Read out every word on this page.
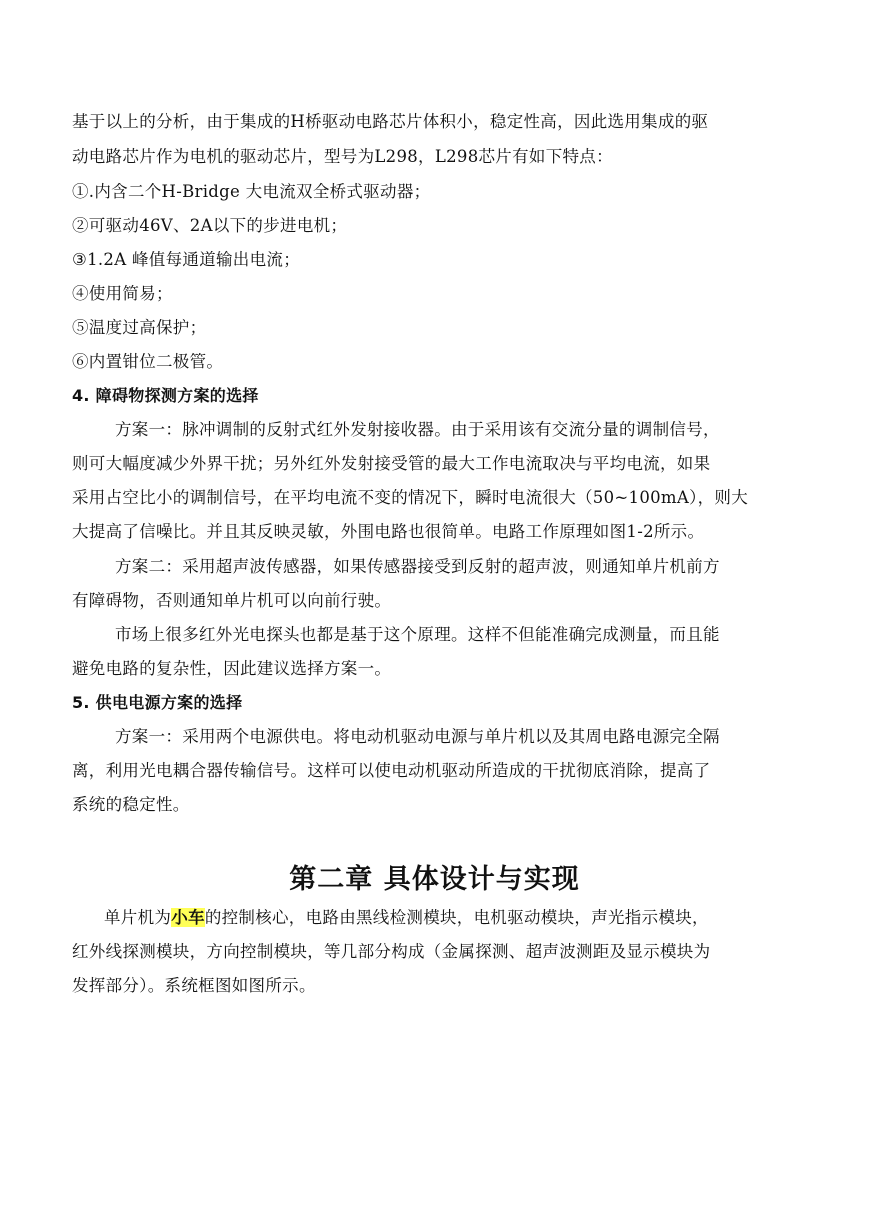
基于以上的分析，由于集成的H桥驱动电路芯片体积小，稳定性高，因此选用集成的驱
动电路芯片作为电机的驱动芯片，型号为L298，L298芯片有如下特点：
①.内含二个H-Bridge 大电流双全桥式驱动器；
②可驱动46V、2A以下的步进电机；
③1.2A 峰值每通道输出电流；
④使用简易；
⑤温度过高保护；
⑥内置钳位二极管。
4. 障碍物探测方案的选择
方案一：脉冲调制的反射式红外发射接收器。由于采用该有交流分量的调制信号，
则可大幅度减少外界干扰；另外红外发射接受管的最大工作电流取决与平均电流，如果
采用占空比小的调制信号，在平均电流不变的情况下，瞬时电流很大（50~100mA），则大
大提高了信噪比。并且其反映灵敏，外围电路也很简单。电路工作原理如图1-2所示。
方案二：采用超声波传感器，如果传感器接受到反射的超声波，则通知单片机前方
有障碍物，否则通知单片机可以向前行驶。
市场上很多红外光电探头也都是基于这个原理。这样不但能准确完成测量，而且能
避免电路的复杂性，因此建议选择方案一。
5. 供电电源方案的选择
方案一：采用两个电源供电。将电动机驱动电源与单片机以及其周电路电源完全隔
离，利用光电耦合器传输信号。这样可以使电动机驱动所造成的干扰彻底消除，提高了
系统的稳定性。
第二章 具体设计与实现
单片机为小车的控制核心，电路由黑线检测模块，电机驱动模块，声光指示模块，
红外线探测模块，方向控制模块，等几部分构成（金属探测、超声波测距及显示模块为
发挥部分）。系统框图如图所示。
